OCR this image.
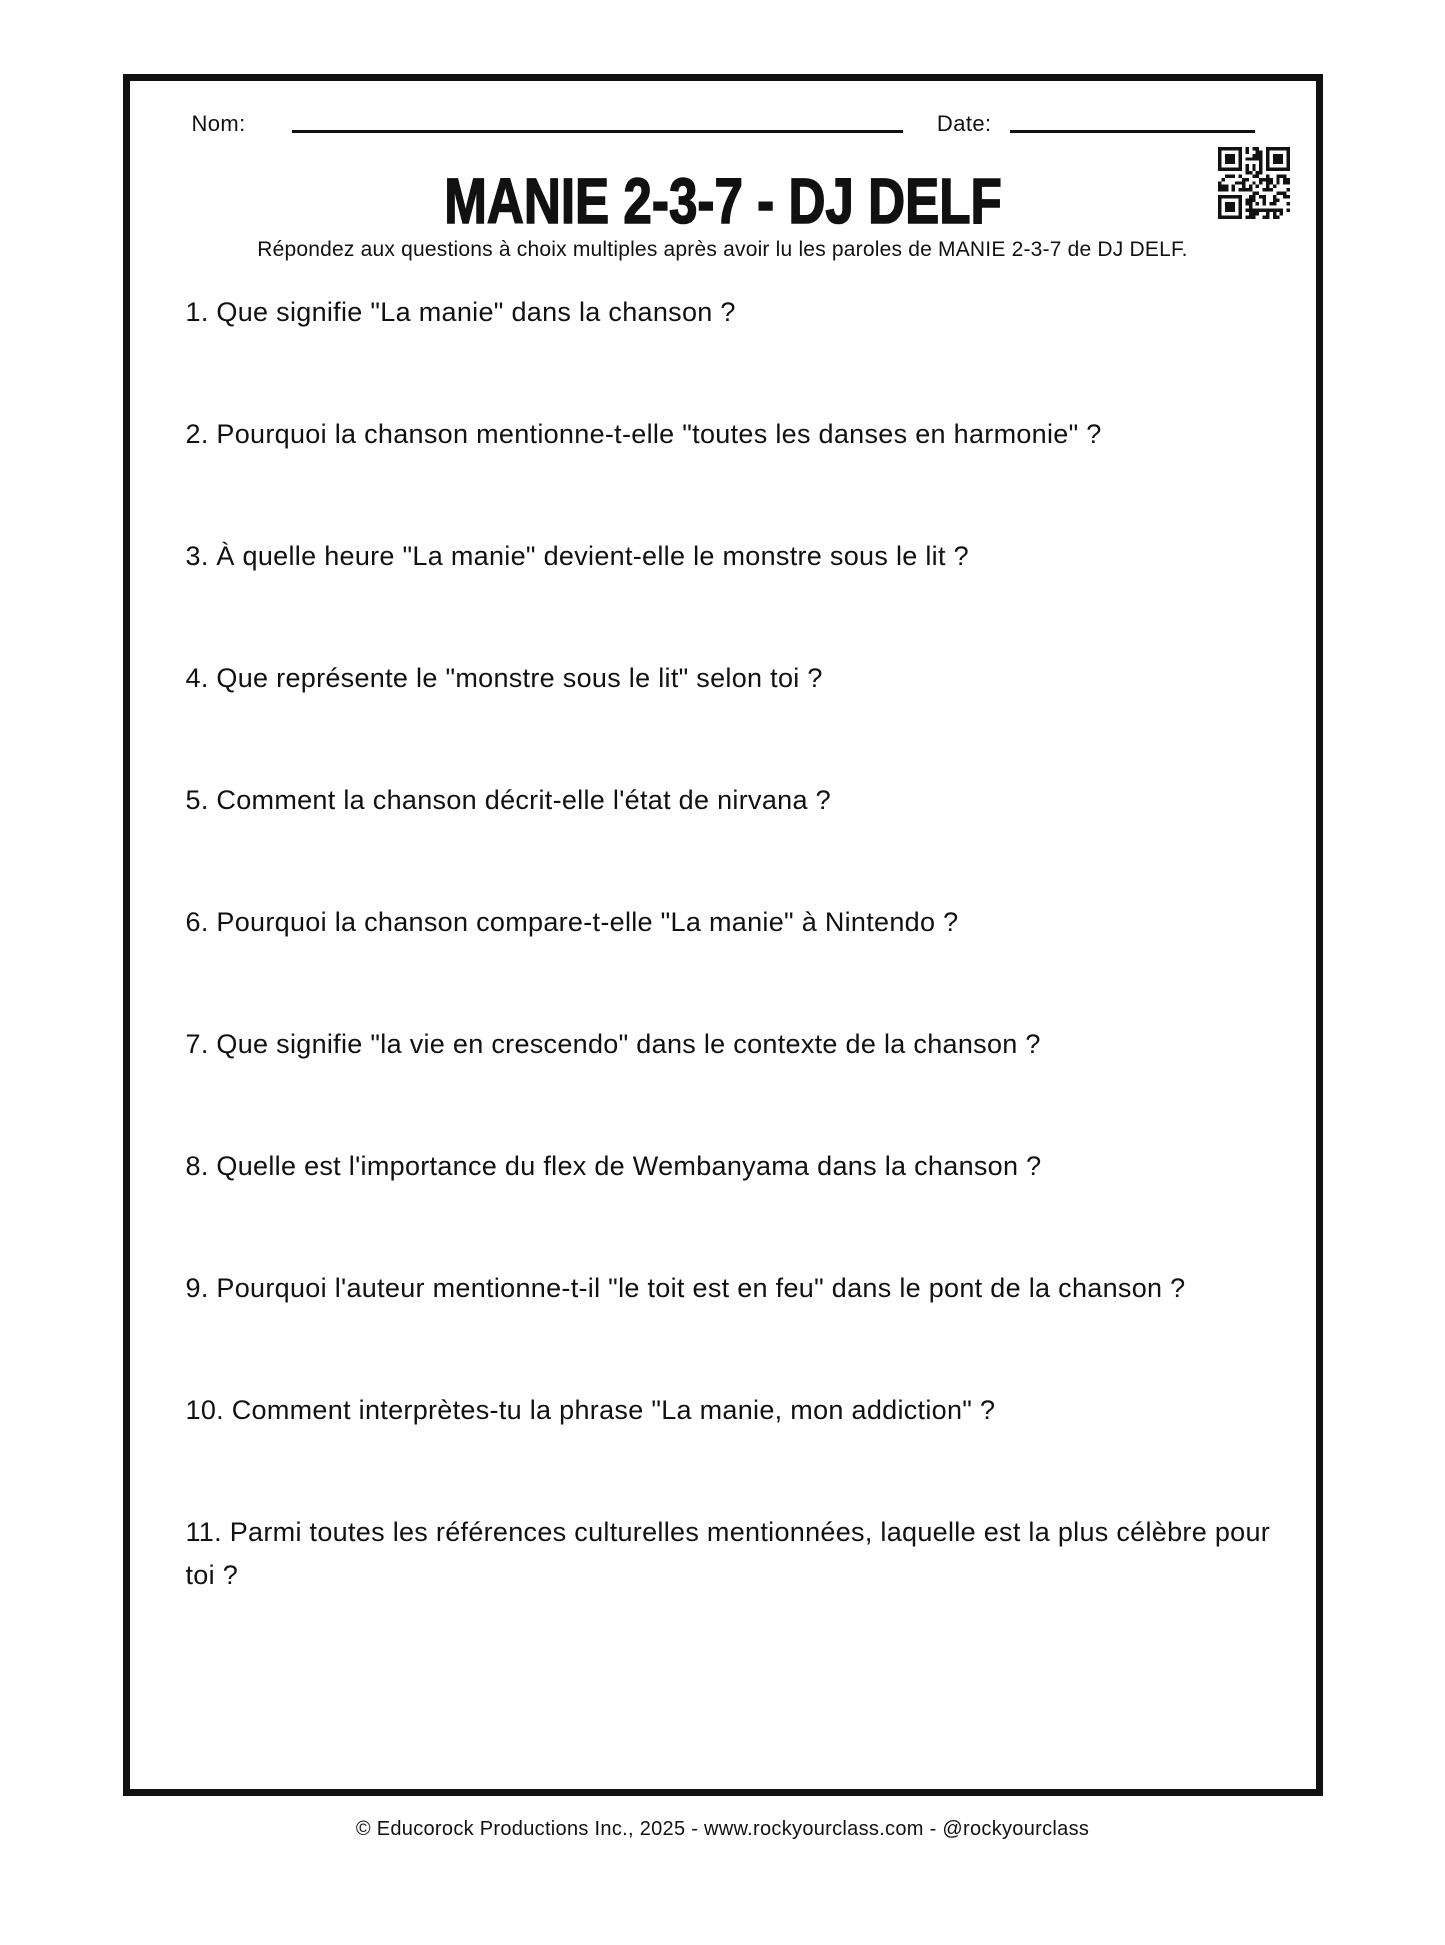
Nom:	Date:
MANIE 2-3-7 - DJ DELF

Répondez aux questions à choix multiples après avoir lu les paroles de MANIE 2-3-7 de DJ DELF.

1. Que signifie "La manie" dans la chanson ?

2. Pourquoi la chanson mentionne-t-elle "toutes les danses en harmonie" ?

3. À quelle heure "La manie" devient-elle le monstre sous le lit ?

4. Que représente le "monstre sous le lit" selon toi ?

5. Comment la chanson décrit-elle l'état de nirvana ?

6. Pourquoi la chanson compare-t-elle "La manie" à Nintendo ?

7. Que signifie "la vie en crescendo" dans le contexte de la chanson ?

8. Quelle est l'importance du flex de Wembanyama dans la chanson ?

9. Pourquoi l'auteur mentionne-t-il "le toit est en feu" dans le pont de la chanson ?

10. Comment interprètes-tu la phrase "La manie, mon addiction" ?

11. Parmi toutes les références culturelles mentionnées, laquelle est la plus célèbre pour toi ?

© Educorock Productions Inc., 2025 - www.rockyourclass.com - @rockyourclass
